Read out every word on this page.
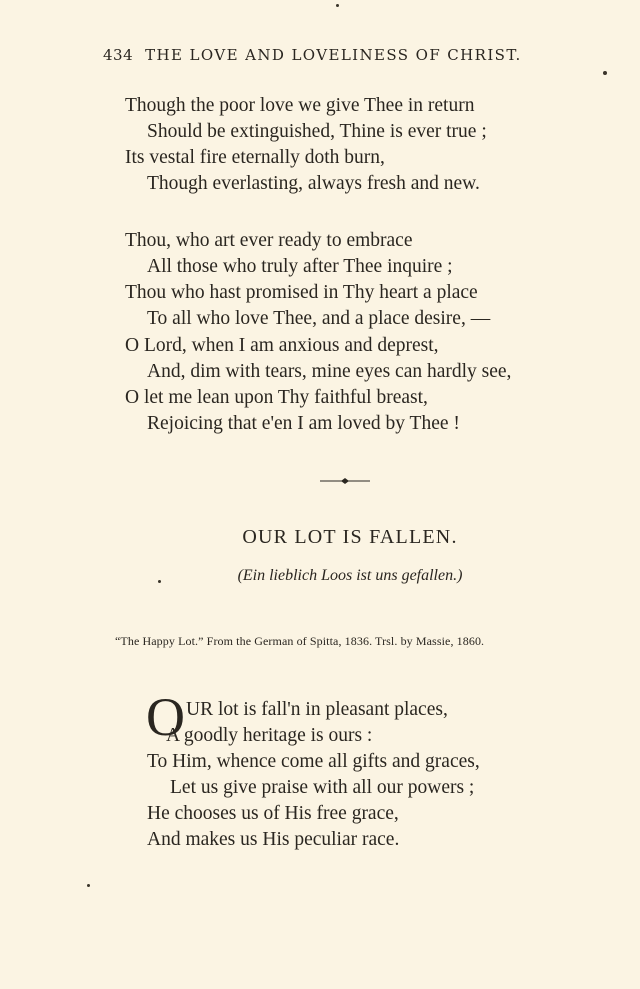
434 THE LOVE AND LOVELINESS OF CHRIST.
Though the poor love we give Thee in return
Should be extinguished, Thine is ever true ;
Its vestal fire eternally doth burn,
Though everlasting, always fresh and new.
Thou, who art ever ready to embrace
All those who truly after Thee inquire ;
Thou who hast promised in Thy heart a place
To all who love Thee, and a place desire, —
O Lord, when I am anxious and deprest,
And, dim with tears, mine eyes can hardly see,
O let me lean upon Thy faithful breast,
Rejoicing that e'en I am loved by Thee !
OUR LOT IS FALLEN.
(Ein lieblich Loos ist uns gefallen.)
“The Happy Lot.” From the German of Spitta, 1836. Trsl. by Massie, 1860.
O UR lot is fall'n in pleasant places,
A goodly heritage is ours :
To Him, whence come all gifts and graces,
Let us give praise with all our powers ;
He chooses us of His free grace,
And makes us His peculiar race.
